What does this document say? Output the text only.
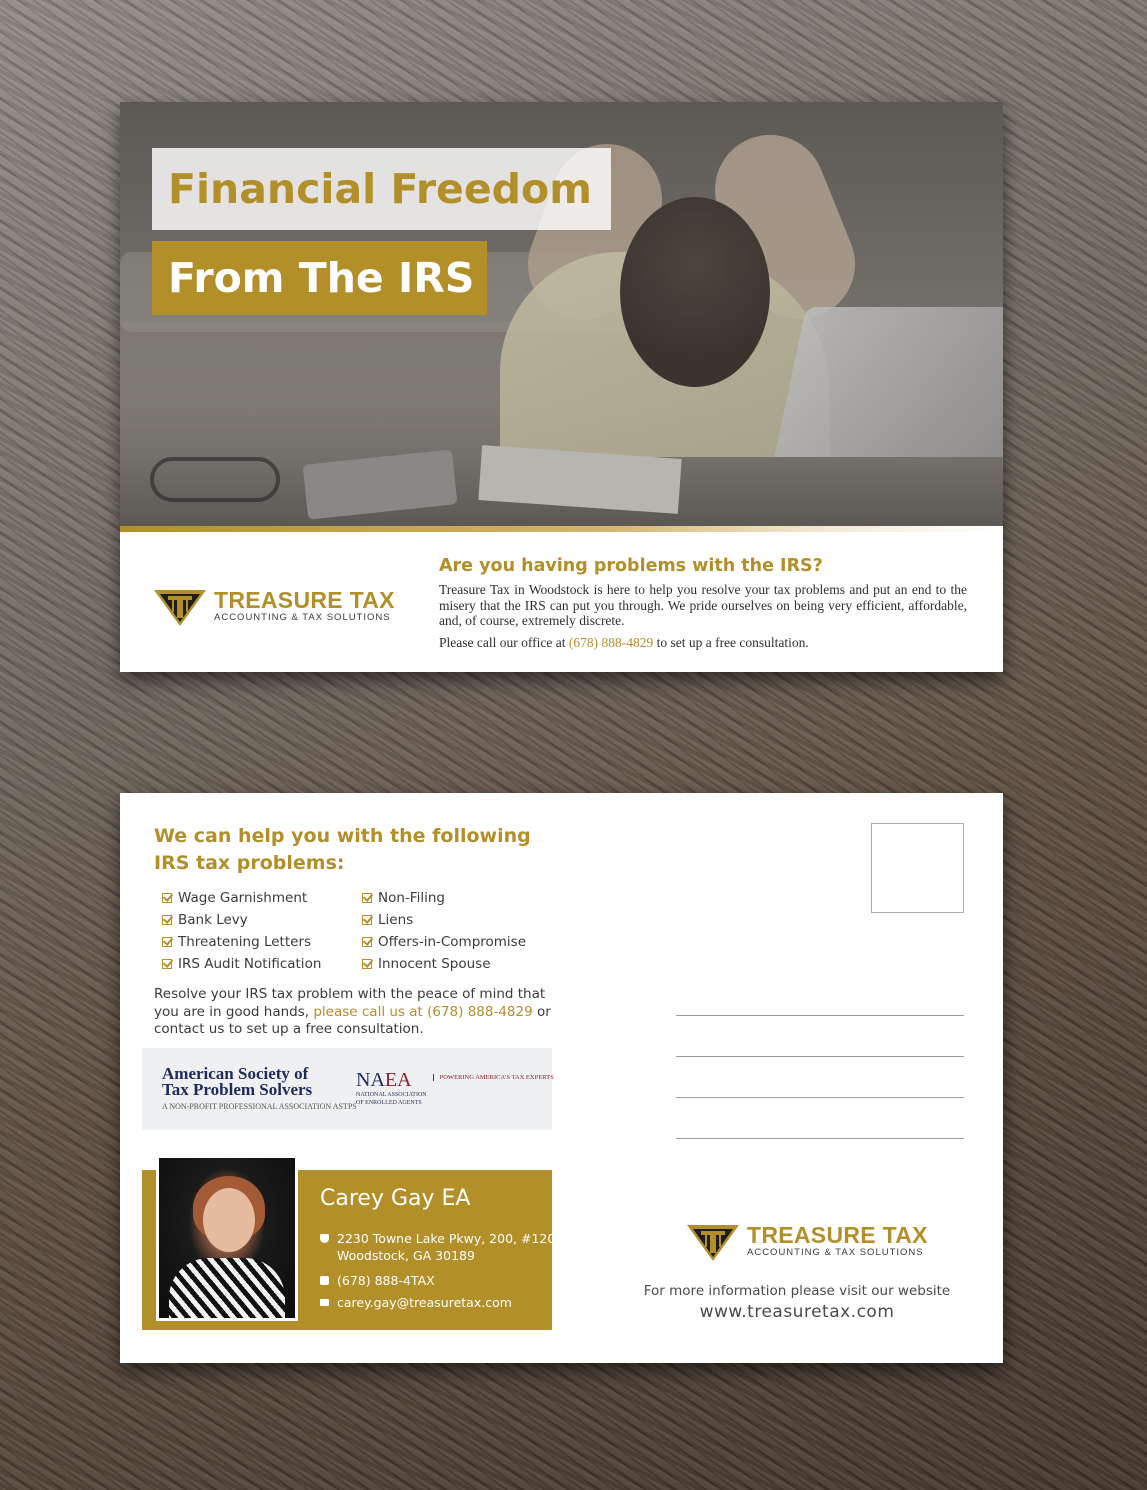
Financial Freedom
From The IRS
TREASURE TAX
ACCOUNTING & TAX SOLUTIONS
Are you having problems with the IRS?

Treasure Tax in Woodstock is here to help you resolve your tax problems and put an end to the misery that the IRS can put you through. We pride ourselves on being very efficient, affordable, and, of course, extremely discrete.

Please call our office at (678) 888-4829 to set up a free consultation.

We can help you with the following IRS tax problems:
Wage Garnishment	Non-Filing
Bank Levy	Liens
Threatening Letters	Offers-in-Compromise
IRS Audit Notification	Innocent Spouse
Resolve your IRS tax problem with the peace of mind that you are in good hands, please call us at (678) 888-4829 or contact us to set up a free consultation.
American Society of
Tax Problem Solvers
A NON-PROFIT PROFESSIONAL ASSOCIATION ASTPS
NAEA
NATIONAL ASSOCIATION
OF ENROLLED AGENTS
POWERING AMERICA'S TAX EXPERTS
Carey Gay EA
2230 Towne Lake Pkwy, 200, #120
Woodstock, GA 30189
(678) 888-4TAX
carey.gay@treasuretax.com
TREASURE TAX
ACCOUNTING & TAX SOLUTIONS
For more information please visit our website
www.treasuretax.com
